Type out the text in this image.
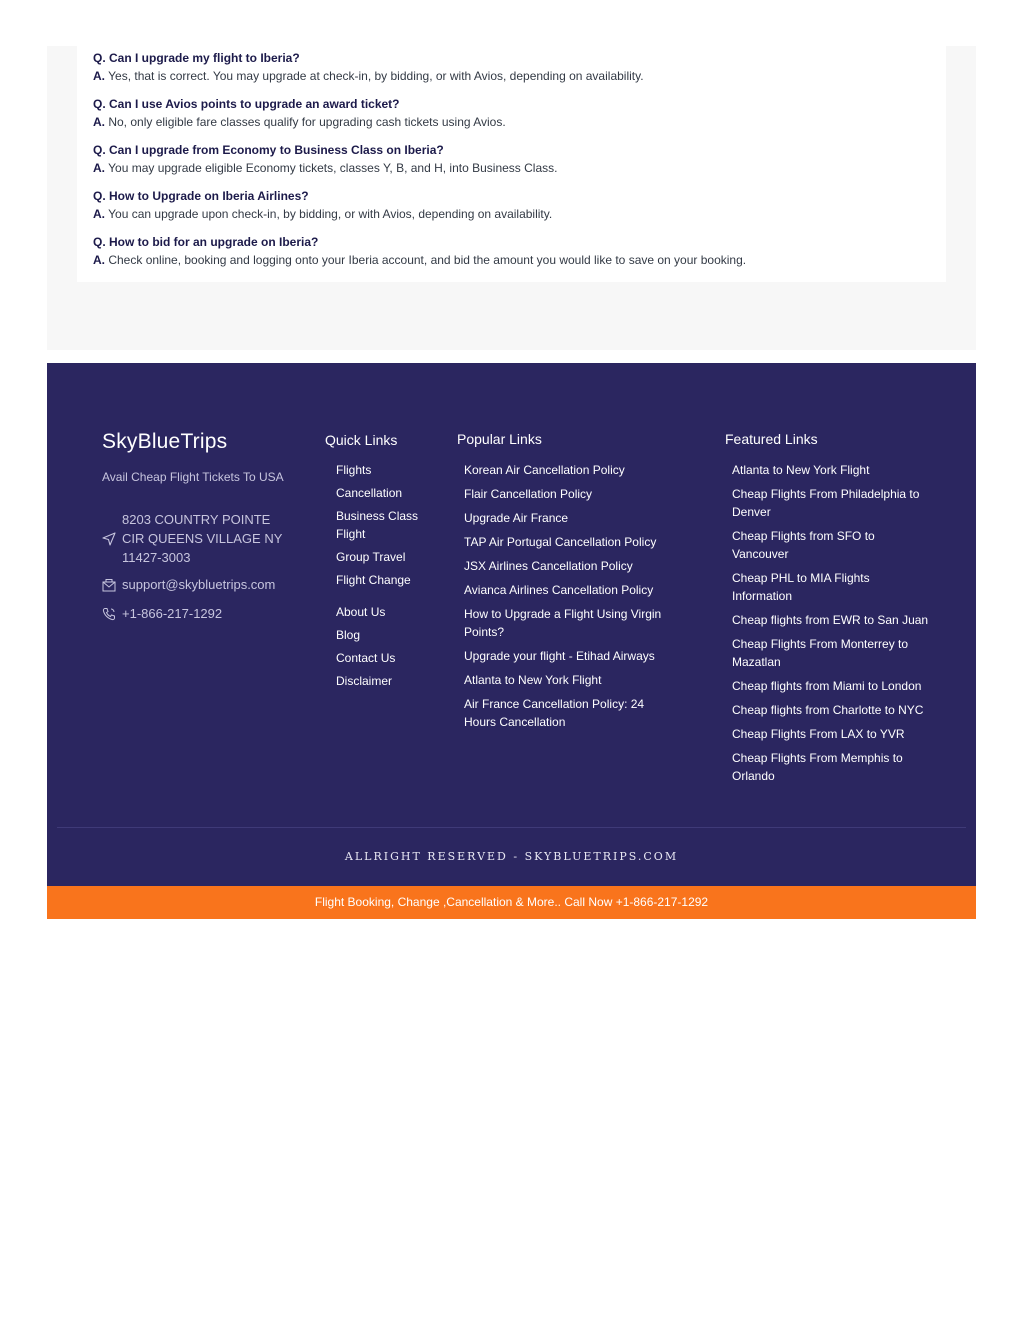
Q. Can I upgrade my flight to Iberia?
A. Yes, that is correct. You may upgrade at check-in, by bidding, or with Avios, depending on availability.
Q. Can I use Avios points to upgrade an award ticket?
A. No, only eligible fare classes qualify for upgrading cash tickets using Avios.
Q. Can I upgrade from Economy to Business Class on Iberia?
A. You may upgrade eligible Economy tickets, classes Y, B, and H, into Business Class.
Q. How to Upgrade on Iberia Airlines?
A. You can upgrade upon check-in, by bidding, or with Avios, depending on availability.
Q. How to bid for an upgrade on Iberia?
A. Check online, booking and logging onto your Iberia account, and bid the amount you would like to save on your booking.
SkyBlueTrips
Avail Cheap Flight Tickets To USA
8203 COUNTRY POINTE CIR QUEENS VILLAGE NY 11427-3003
support@skybluetrips.com
+1-866-217-1292
Quick Links
Flights
Cancellation
Business Class Flight
Group Travel
Flight Change
About Us
Blog
Contact Us
Disclaimer
Popular Links
Korean Air Cancellation Policy
Flair Cancellation Policy
Upgrade Air France
TAP Air Portugal Cancellation Policy
JSX Airlines Cancellation Policy
Avianca Airlines Cancellation Policy
How to Upgrade a Flight Using Virgin Points?
Upgrade your flight - Etihad Airways
Atlanta to New York Flight
Air France Cancellation Policy: 24 Hours Cancellation
Featured Links
Atlanta to New York Flight
Cheap Flights From Philadelphia to Denver
Cheap Flights from SFO to Vancouver
Cheap PHL to MIA Flights Information
Cheap flights from EWR to San Juan
Cheap Flights From Monterrey to Mazatlan
Cheap flights from Miami to London
Cheap flights from Charlotte to NYC
Cheap Flights From LAX to YVR
Cheap Flights From Memphis to Orlando
ALLRIGHT RESERVED - SKYBLUETRIPS.COM
Flight Booking, Change ,Cancellation & More.. Call Now +1-866-217-1292
